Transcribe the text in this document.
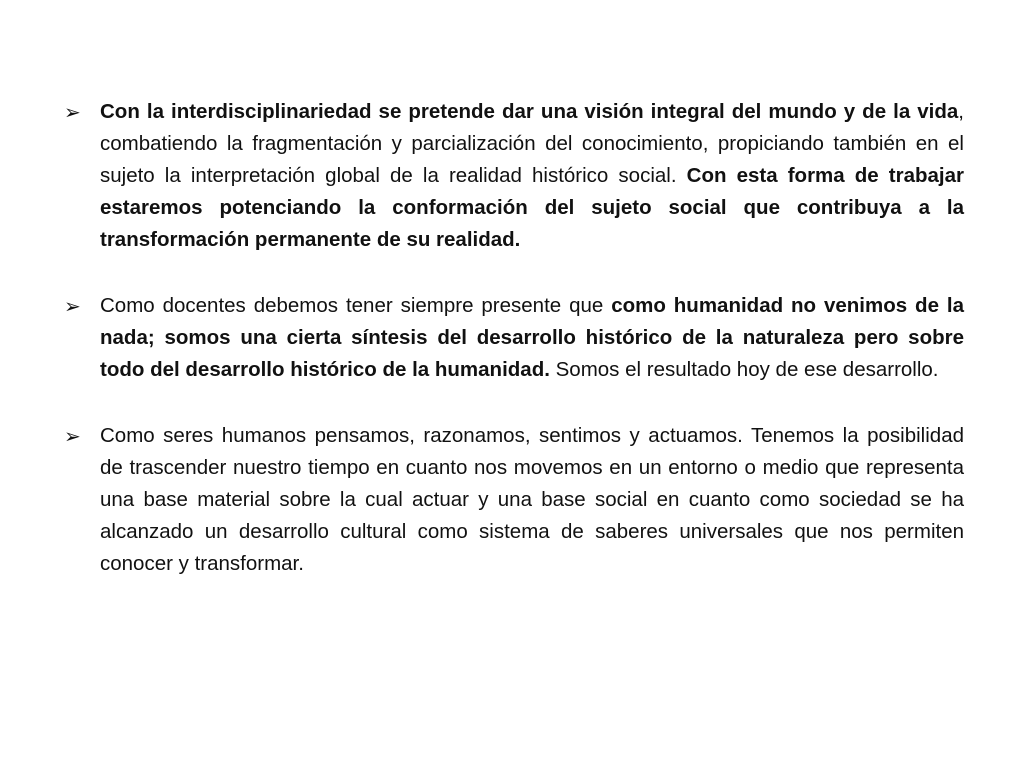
➢ Con la interdisciplinariedad se pretende dar una visión integral del mundo y de la vida, combatiendo la fragmentación y parcialización del conocimiento, propiciando también en el sujeto la interpretación global de la realidad histórico social. Con esta forma de trabajar estaremos potenciando la conformación del sujeto social que contribuya a la transformación permanente de su realidad.

➢ Como docentes debemos tener siempre presente que como humanidad no venimos de la nada; somos una cierta síntesis del desarrollo histórico de la naturaleza pero sobre todo del desarrollo histórico de la humanidad. Somos el resultado hoy de ese desarrollo.

➢ Como seres humanos pensamos, razonamos, sentimos y actuamos. Tenemos la posibilidad de trascender nuestro tiempo en cuanto nos movemos en un entorno o medio que representa una base material sobre la cual actuar y una base social en cuanto como sociedad se ha alcanzado un desarrollo cultural como sistema de saberes universales que nos permiten conocer y transformar.
